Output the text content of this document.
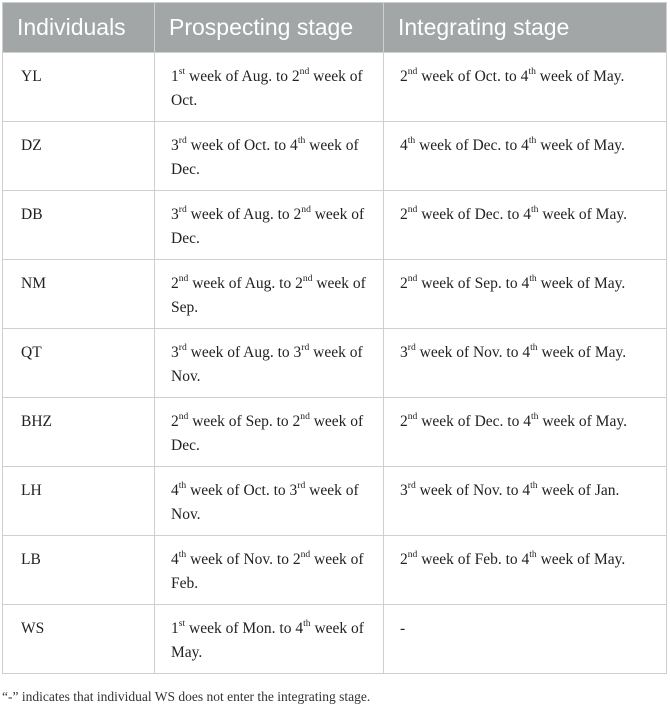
Individuals	Prospecting stage	Integrating stage
YL	1st week of Aug. to 2nd week of Oct.	2nd week of Oct. to 4th week of May.
DZ	3rd week of Oct. to 4th week of Dec.	4th week of Dec. to 4th week of May.
DB	3rd week of Aug. to 2nd week of Dec.	2nd week of Dec. to 4th week of May.
NM	2nd week of Aug. to 2nd week of Sep.	2nd week of Sep. to 4th week of May.
QT	3rd week of Aug. to 3rd week of Nov.	3rd week of Nov. to 4th week of May.
BHZ	2nd week of Sep. to 2nd week of Dec.	2nd week of Dec. to 4th week of May.
LH	4th week of Oct. to 3rd week of Nov.	3rd week of Nov. to 4th week of Jan.
LB	4th week of Nov. to 2nd week of Feb.	2nd week of Feb. to 4th week of May.
WS	1st week of Mon. to 4th week of May.	-
“-” indicates that individual WS does not enter the integrating stage.
